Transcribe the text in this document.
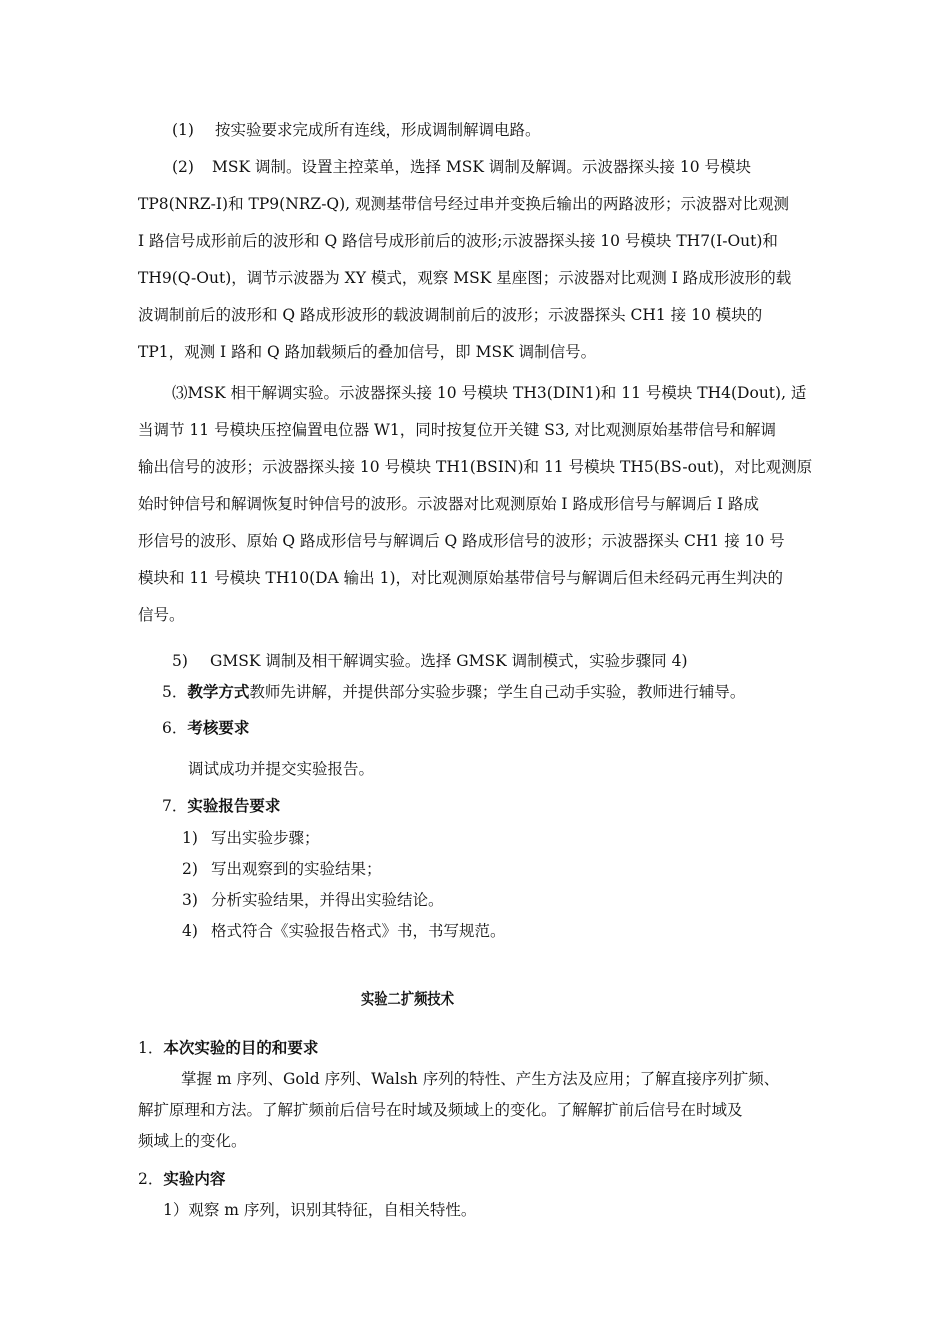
(1) 按实验要求完成所有连线，形成调制解调电路。

(2) MSK 调制。设置主控菜单，选择 MSK 调制及解调。示波器探头接 10 号模块

TP8(NRZ-I)和 TP9(NRZ-Q), 观测基带信号经过串并变换后输出的两路波形；示波器对比观测

I 路信号成形前后的波形和 Q 路信号成形前后的波形;示波器探头接 10 号模块 TH7(I-Out)和

TH9(Q-Out)，调节示波器为 XY 模式，观察 MSK 星座图；示波器对比观测 I 路成形波形的载

波调制前后的波形和 Q 路成形波形的载波调制前后的波形；示波器探头 CH1 接 10 模块的

TP1，观测 I 路和 Q 路加载频后的叠加信号，即 MSK 调制信号。

⑶MSK 相干解调实验。示波器探头接 10 号模块 TH3(DIN1)和 11 号模块 TH4(Dout), 适

当调节 11 号模块压控偏置电位器 W1，同时按复位开关键 S3, 对比观测原始基带信号和解调

输出信号的波形；示波器探头接 10 号模块 TH1(BSIN)和 11 号模块 TH5(BS-out)，对比观测原

始时钟信号和解调恢复时钟信号的波形。示波器对比观测原始 I 路成形信号与解调后 I 路成

形信号的波形、原始 Q 路成形信号与解调后 Q 路成形信号的波形；示波器探头 CH1 接 10 号

模块和 11 号模块 TH10(DA 输出 1)，对比观测原始基带信号与解调后但未经码元再生判决的

信号。

5) GMSK 调制及相干解调实验。选择 GMSK 调制模式，实验步骤同 4)

5．教学方式教师先讲解，并提供部分实验步骤；学生自己动手实验，教师进行辅导。

6．考核要求

调试成功并提交实验报告。

7．实验报告要求

1) 写出实验步骤；

2) 写出观察到的实验结果；

3) 分析实验结果，并得出实验结论。

4) 格式符合《实验报告格式》书，书写规范。

实验二扩频技术

1．本次实验的目的和要求

掌握 m 序列、Gold 序列、Walsh 序列的特性、产生方法及应用；了解直接序列扩频、

解扩原理和方法。了解扩频前后信号在时域及频域上的变化。了解解扩前后信号在时域及

频域上的变化。

2．实验内容

1）观察 m 序列，识别其特征，自相关特性。
